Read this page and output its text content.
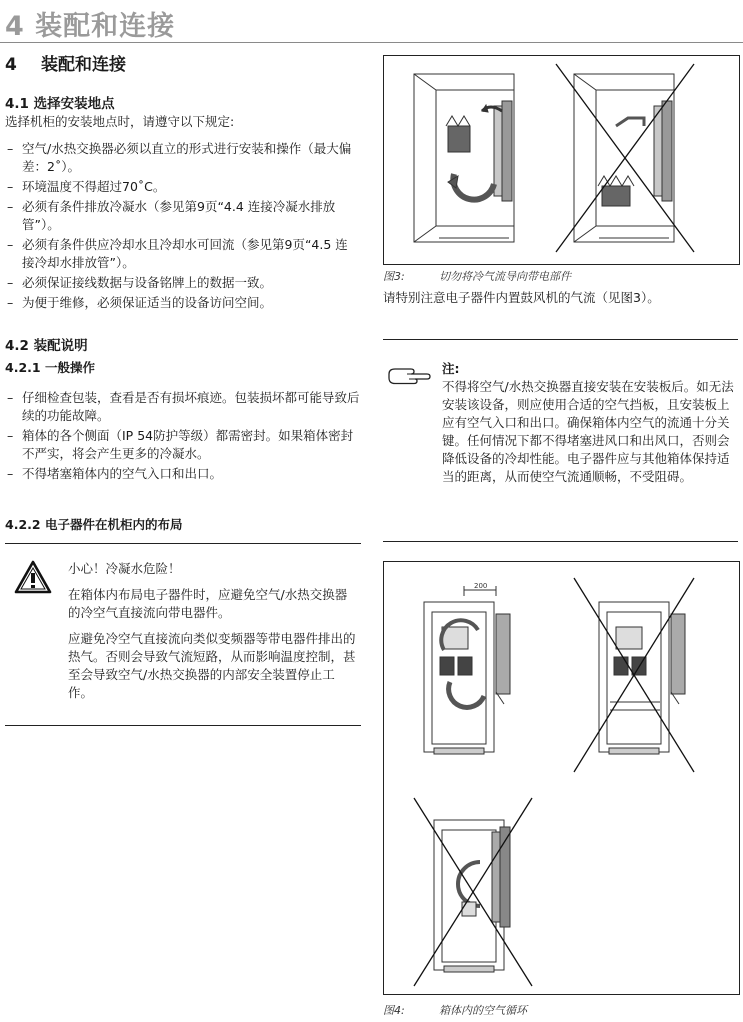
4 装配和连接
4 装配和连接
4.1 选择安装地点
选择机柜的安装地点时，请遵守以下规定:
– 空气/水热交换器必须以直立的形式进行安装和操作（最大偏差：2˚）。
– 环境温度不得超过70˚C。
– 必须有条件排放冷凝水（参见第9页“4.4 连接冷凝水排放管”）。
– 必须有条件供应冷却水且冷却水可回流（参见第9页“4.5 连接冷却水排放管”）。
– 必须保证接线数据与设备铭牌上的数据一致。
– 为便于维修，必须保证适当的设备访问空间。
4.2 装配说明
4.2.1 一般操作
– 仔细检查包装，查看是否有损坏痕迹。包装损坏都可能导致后续的功能故障。
– 箱体的各个侧面（IP 54防护等级）都需密封。如果箱体密封不严实，将会产生更多的冷凝水。
– 不得堵塞箱体内的空气入口和出口。
4.2.2 电子器件在机柜内的布局
小心！冷凝水危险！
在箱体内布局电子器件时，应避免空气/水热交换器的冷空气直接流向带电器件。
应避免冷空气直接流向类似变频器等带电器件排出的热气。否则会导致气流短路，从而影响温度控制，甚至会导致空气/水热交换器的内部安全装置停止工作。
图3:	切勿将冷气流导向带电部件
请特别注意电子器件内置鼓风机的气流（见图3）。
注:
不得将空气/水热交换器直接安装在安装板后。如无法安装该设备，则应使用合适的空气挡板，且安装板上应有空气入口和出口。确保箱体内空气的流通十分关键。任何情况下都不得堵塞进风口和出风口，否则会降低设备的冷却性能。电子器件应与其他箱体保持适当的距离，从而使空气流通顺畅，不受阻碍。
200
图4:	箱体内的空气循环
